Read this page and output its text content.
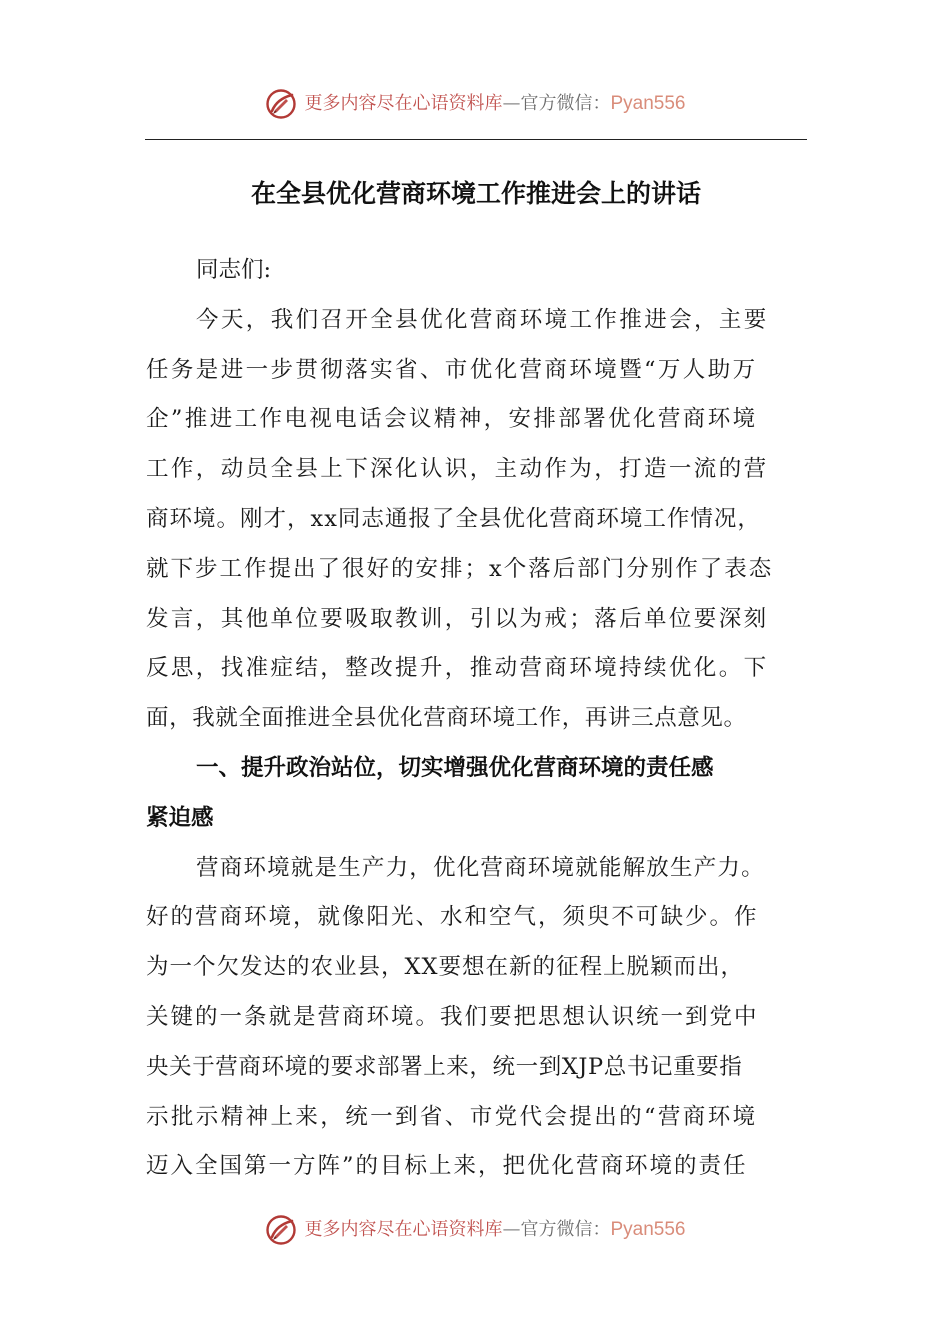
更多内容尽在心语资料库 — 官方微信： Pyan556
在全县优化营商环境工作推进会上的讲话
同志们:
今天，我们召开全县优化营商环境工作推进会，主要
任务是进一步贯彻落实省、市优化营商环境暨“万人助万
企”推进工作电视电话会议精神，安排部署优化营商环境
工作，动员全县上下深化认识，主动作为，打造一流的营
商环境。刚才，xx同志通报了全县优化营商环境工作情况，
就下步工作提出了很好的安排；x个落后部门分别作了表态
发言，其他单位要吸取教训，引以为戒；落后单位要深刻
反思，找准症结，整改提升，推动营商环境持续优化。下
面，我就全面推进全县优化营商环境工作，再讲三点意见。
一、提升政治站位，切实增强优化营商环境的责任感
紧迫感
营商环境就是生产力，优化营商环境就能解放生产力。
好的营商环境，就像阳光、水和空气，须臾不可缺少。作
为一个欠发达的农业县，XX要想在新的征程上脱颖而出，
关键的一条就是营商环境。我们要把思想认识统一到党中
央关于营商环境的要求部署上来，统一到XJP总书记重要指
示批示精神上来，统一到省、市党代会提出的“营商环境
迈入全国第一方阵”的目标上来，把优化营商环境的责任
更多内容尽在心语资料库 — 官方微信： Pyan556
